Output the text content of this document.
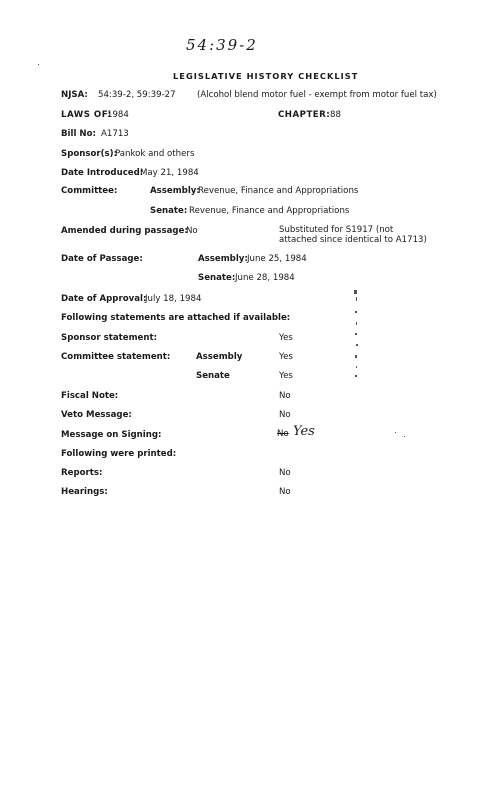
54:39-2
LEGISLATIVE HISTORY CHECKLIST
NJSA: 54:39-2, 59:39-27 (Alcohol blend motor fuel - exempt from motor fuel tax)
LAWS OF:
1984	CHAPTER: 88
Bill No: A1713
Sponsor(s):
Pankok and others
Date Introduced:
May 21, 1984
Committee:	Assembly:
Revenue, Finance and Appropriations
Senate: Revenue, Finance and Appropriations
Amended during passage:
No	Substituted for S1917 (not
attached since identical to A1713)
Date of Passage:	Assembly: June 25, 1984
Senate: June 28, 1984
Date of Approval:
July 18, 1984
Following statements are attached if available:
Sponsor statement:	Yes
Committee statement:	Assembly	Yes
Senate	Yes
Fiscal Note:	No
Veto Message:	No
Message on Signing:	No Yes
Following were printed:
Reports:	No
Hearings:	No
